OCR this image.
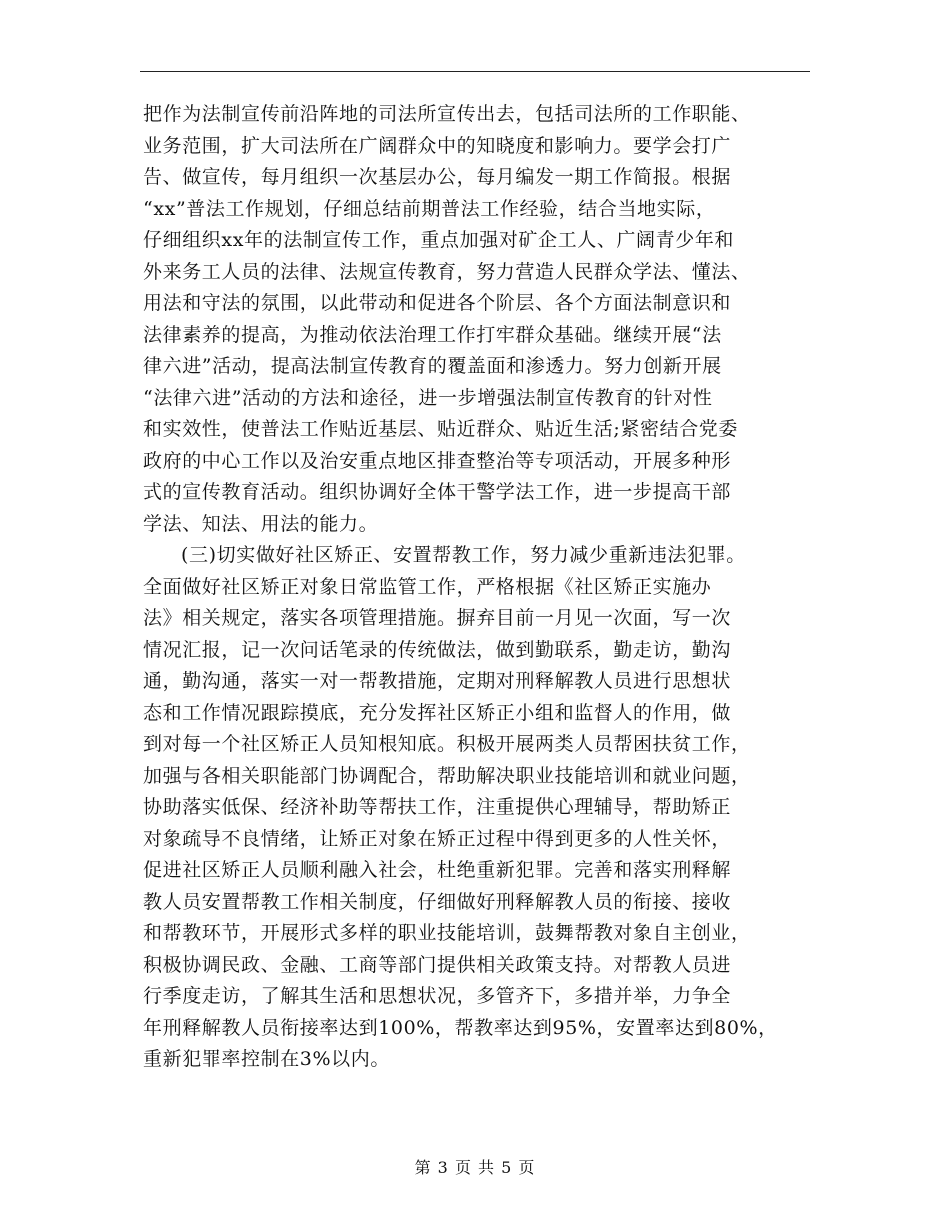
把作为法制宣传前沿阵地的司法所宣传出去，包括司法所的工作职能、
业务范围，扩大司法所在广阔群众中的知晓度和影响力。要学会打广
告、做宣传，每月组织一次基层办公，每月编发一期工作简报。根据
“xx”普法工作规划，仔细总结前期普法工作经验，结合当地实际，
仔细组织xx年的法制宣传工作，重点加强对矿企工人、广阔青少年和
外来务工人员的法律、法规宣传教育，努力营造人民群众学法、懂法、
用法和守法的氛围，以此带动和促进各个阶层、各个方面法制意识和
法律素养的提高，为推动依法治理工作打牢群众基础。继续开展“法
律六进”活动，提高法制宣传教育的覆盖面和渗透力。努力创新开展
“法律六进”活动的方法和途径，进一步增强法制宣传教育的针对性
和实效性，使普法工作贴近基层、贴近群众、贴近生活;紧密结合党委
政府的中心工作以及治安重点地区排查整治等专项活动，开展多种形
式的宣传教育活动。组织协调好全体干警学法工作，进一步提高干部
学法、知法、用法的能力。
(三)切实做好社区矫正、安置帮教工作，努力减少重新违法犯罪。
全面做好社区矫正对象日常监管工作，严格根据《社区矫正实施办
法》相关规定，落实各项管理措施。摒弃目前一月见一次面，写一次
情况汇报，记一次问话笔录的传统做法，做到勤联系，勤走访，勤沟
通，勤沟通，落实一对一帮教措施，定期对刑释解教人员进行思想状
态和工作情况跟踪摸底，充分发挥社区矫正小组和监督人的作用，做
到对每一个社区矫正人员知根知底。积极开展两类人员帮困扶贫工作，
加强与各相关职能部门协调配合，帮助解决职业技能培训和就业问题，
协助落实低保、经济补助等帮扶工作，注重提供心理辅导，帮助矫正
对象疏导不良情绪，让矫正对象在矫正过程中得到更多的人性关怀，
促进社区矫正人员顺利融入社会，杜绝重新犯罪。完善和落实刑释解
教人员安置帮教工作相关制度，仔细做好刑释解教人员的衔接、接收
和帮教环节，开展形式多样的职业技能培训，鼓舞帮教对象自主创业，
积极协调民政、金融、工商等部门提供相关政策支持。对帮教人员进
行季度走访，了解其生活和思想状况，多管齐下，多措并举，力争全
年刑释解教人员衔接率达到100%，帮教率达到95%，安置率达到80%，
重新犯罪率控制在3%以内。
第 3 页 共 5 页
